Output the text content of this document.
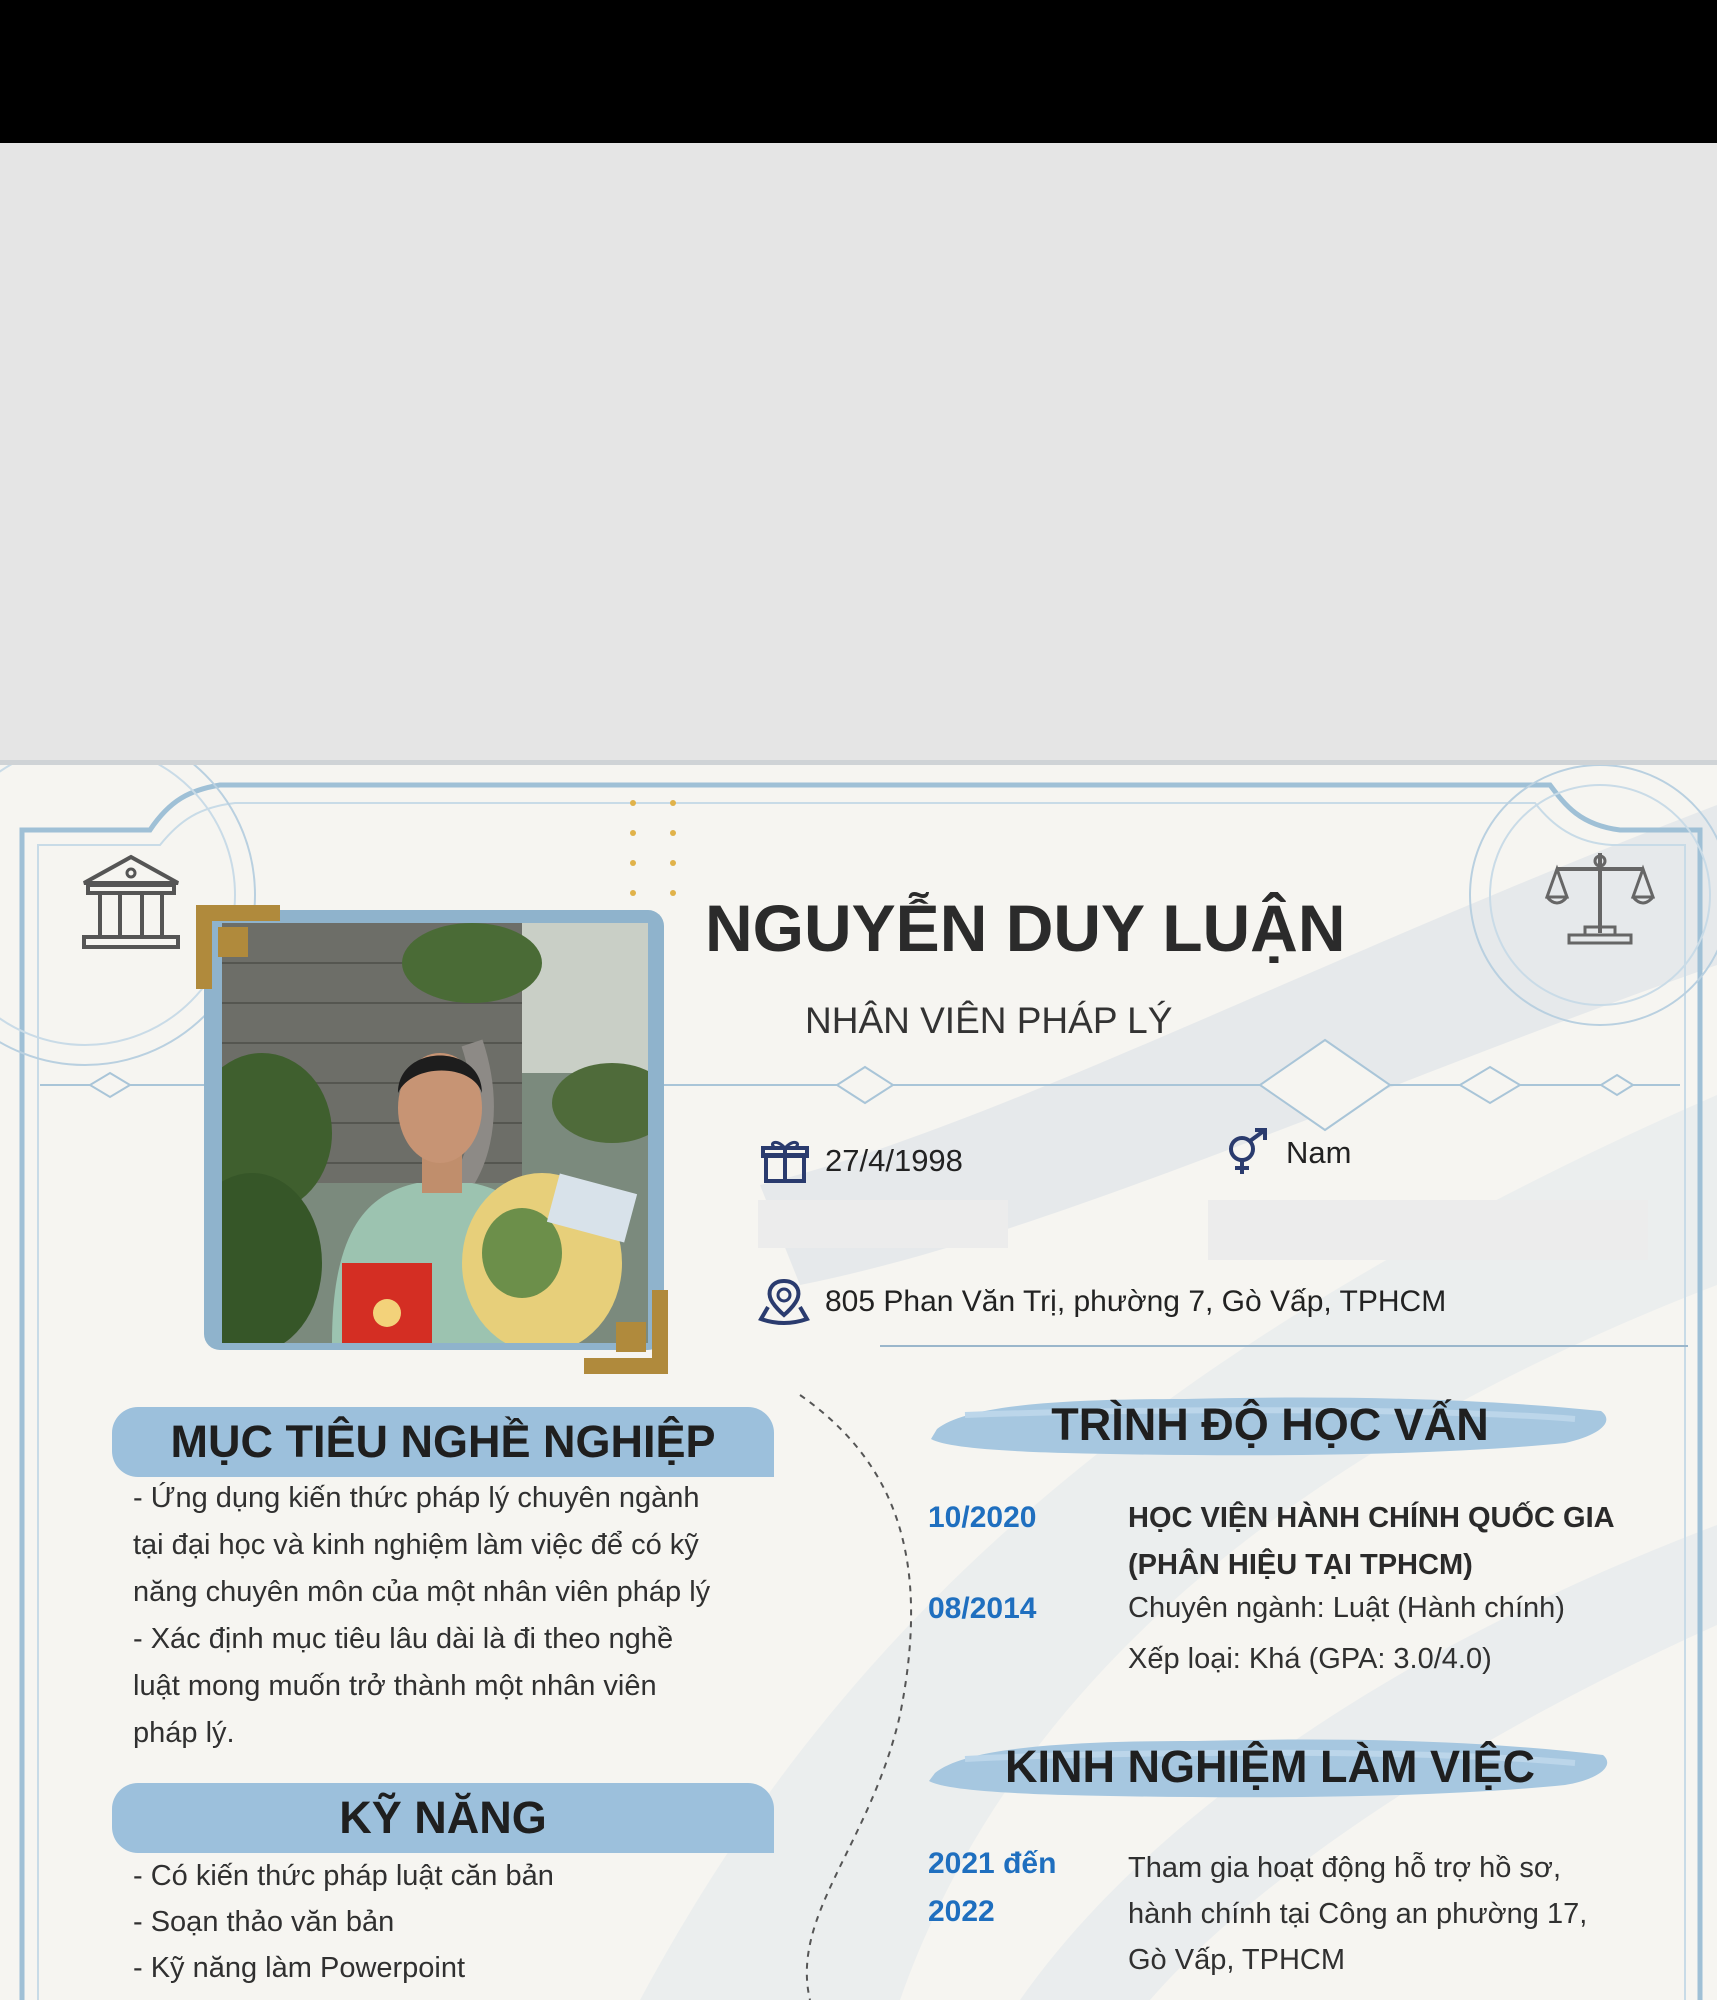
NGUYỄN DUY LUẬN

NHÂN VIÊN PHÁP LÝ

27/4/1998	Nam
805 Phan Văn Trị, phường 7, Gò Vấp, TPHCM
MỤC TIÊU NGHỀ NGHIỆP
- Ứng dụng kiến thức pháp lý chuyên ngành
tại đại học và kinh nghiệm làm việc để có kỹ
năng chuyên môn của một nhân viên pháp lý
- Xác định mục tiêu lâu dài là đi theo nghề
luật mong muốn trở thành một nhân viên
pháp lý.
KỸ NĂNG
- Có kiến thức pháp luật căn bản
- Soạn thảo văn bản
- Kỹ năng làm Powerpoint
TRÌNH ĐỘ HỌC VẤN
10/2020
08/2014
HỌC VIỆN HÀNH CHÍNH QUỐC GIA
(PHÂN HIỆU TẠI TPHCM)
Chuyên ngành: Luật (Hành chính)
Xếp loại: Khá (GPA: 3.0/4.0)
KINH NGHIỆM LÀM VIỆC
2021 đến
2022
Tham gia hoạt động hỗ trợ hồ sơ,
hành chính tại Công an phường 17,
Gò Vấp, TPHCM
